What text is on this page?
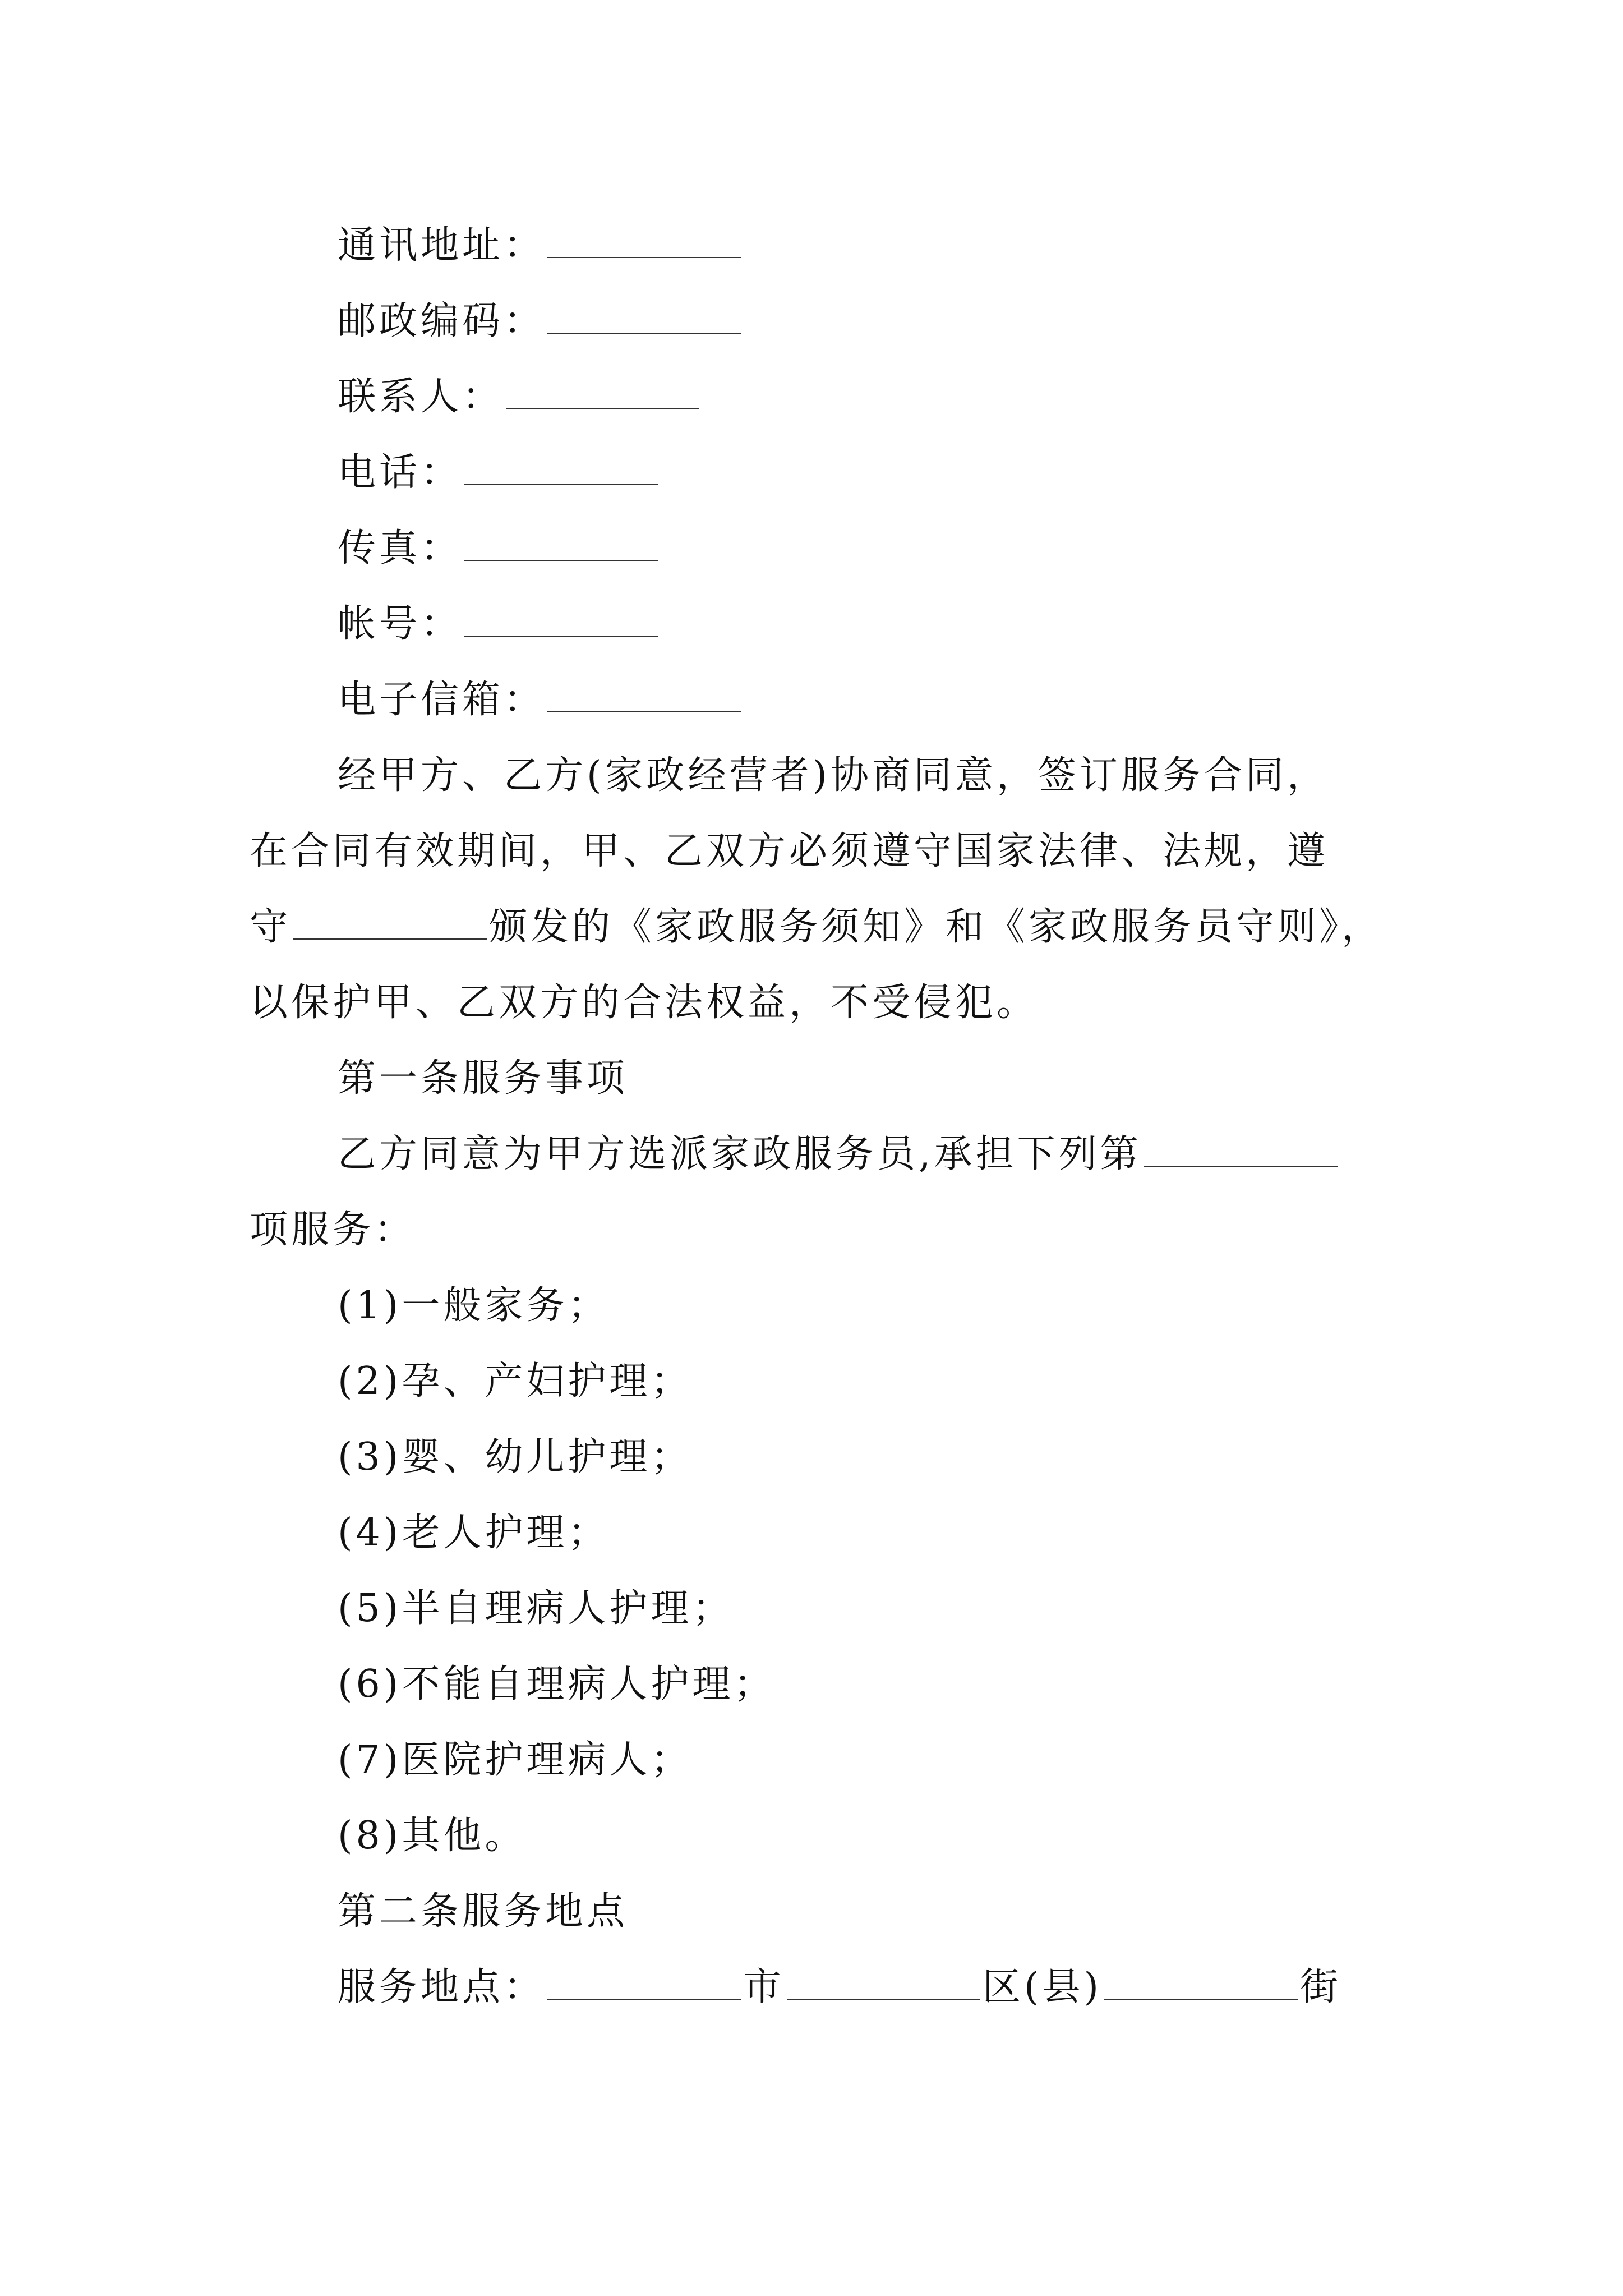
通讯地址：
邮政编码：
联系人：
电话：
传真：
帐号：
电子信箱：
经甲方、乙方(家政经营者)协商同意，签订服务合同，
在合同有效期间，甲、乙双方必须遵守国家法律、法规，遵
守	颁发的《家政服务须知》和《家政服务员守则》，
以保护甲、乙双方的合法权益，不受侵犯。
第一条服务事项
乙方同意为甲方选派家政服务员,承担下列第
项服务：
(1)一般家务；
(2)孕、产妇护理；
(3)婴、幼儿护理；
(4)老人护理；
(5)半自理病人护理；
(6)不能自理病人护理；
(7)医院护理病人；
(8)其他。
第二条服务地点
服务地点：	市	区(县)	街
